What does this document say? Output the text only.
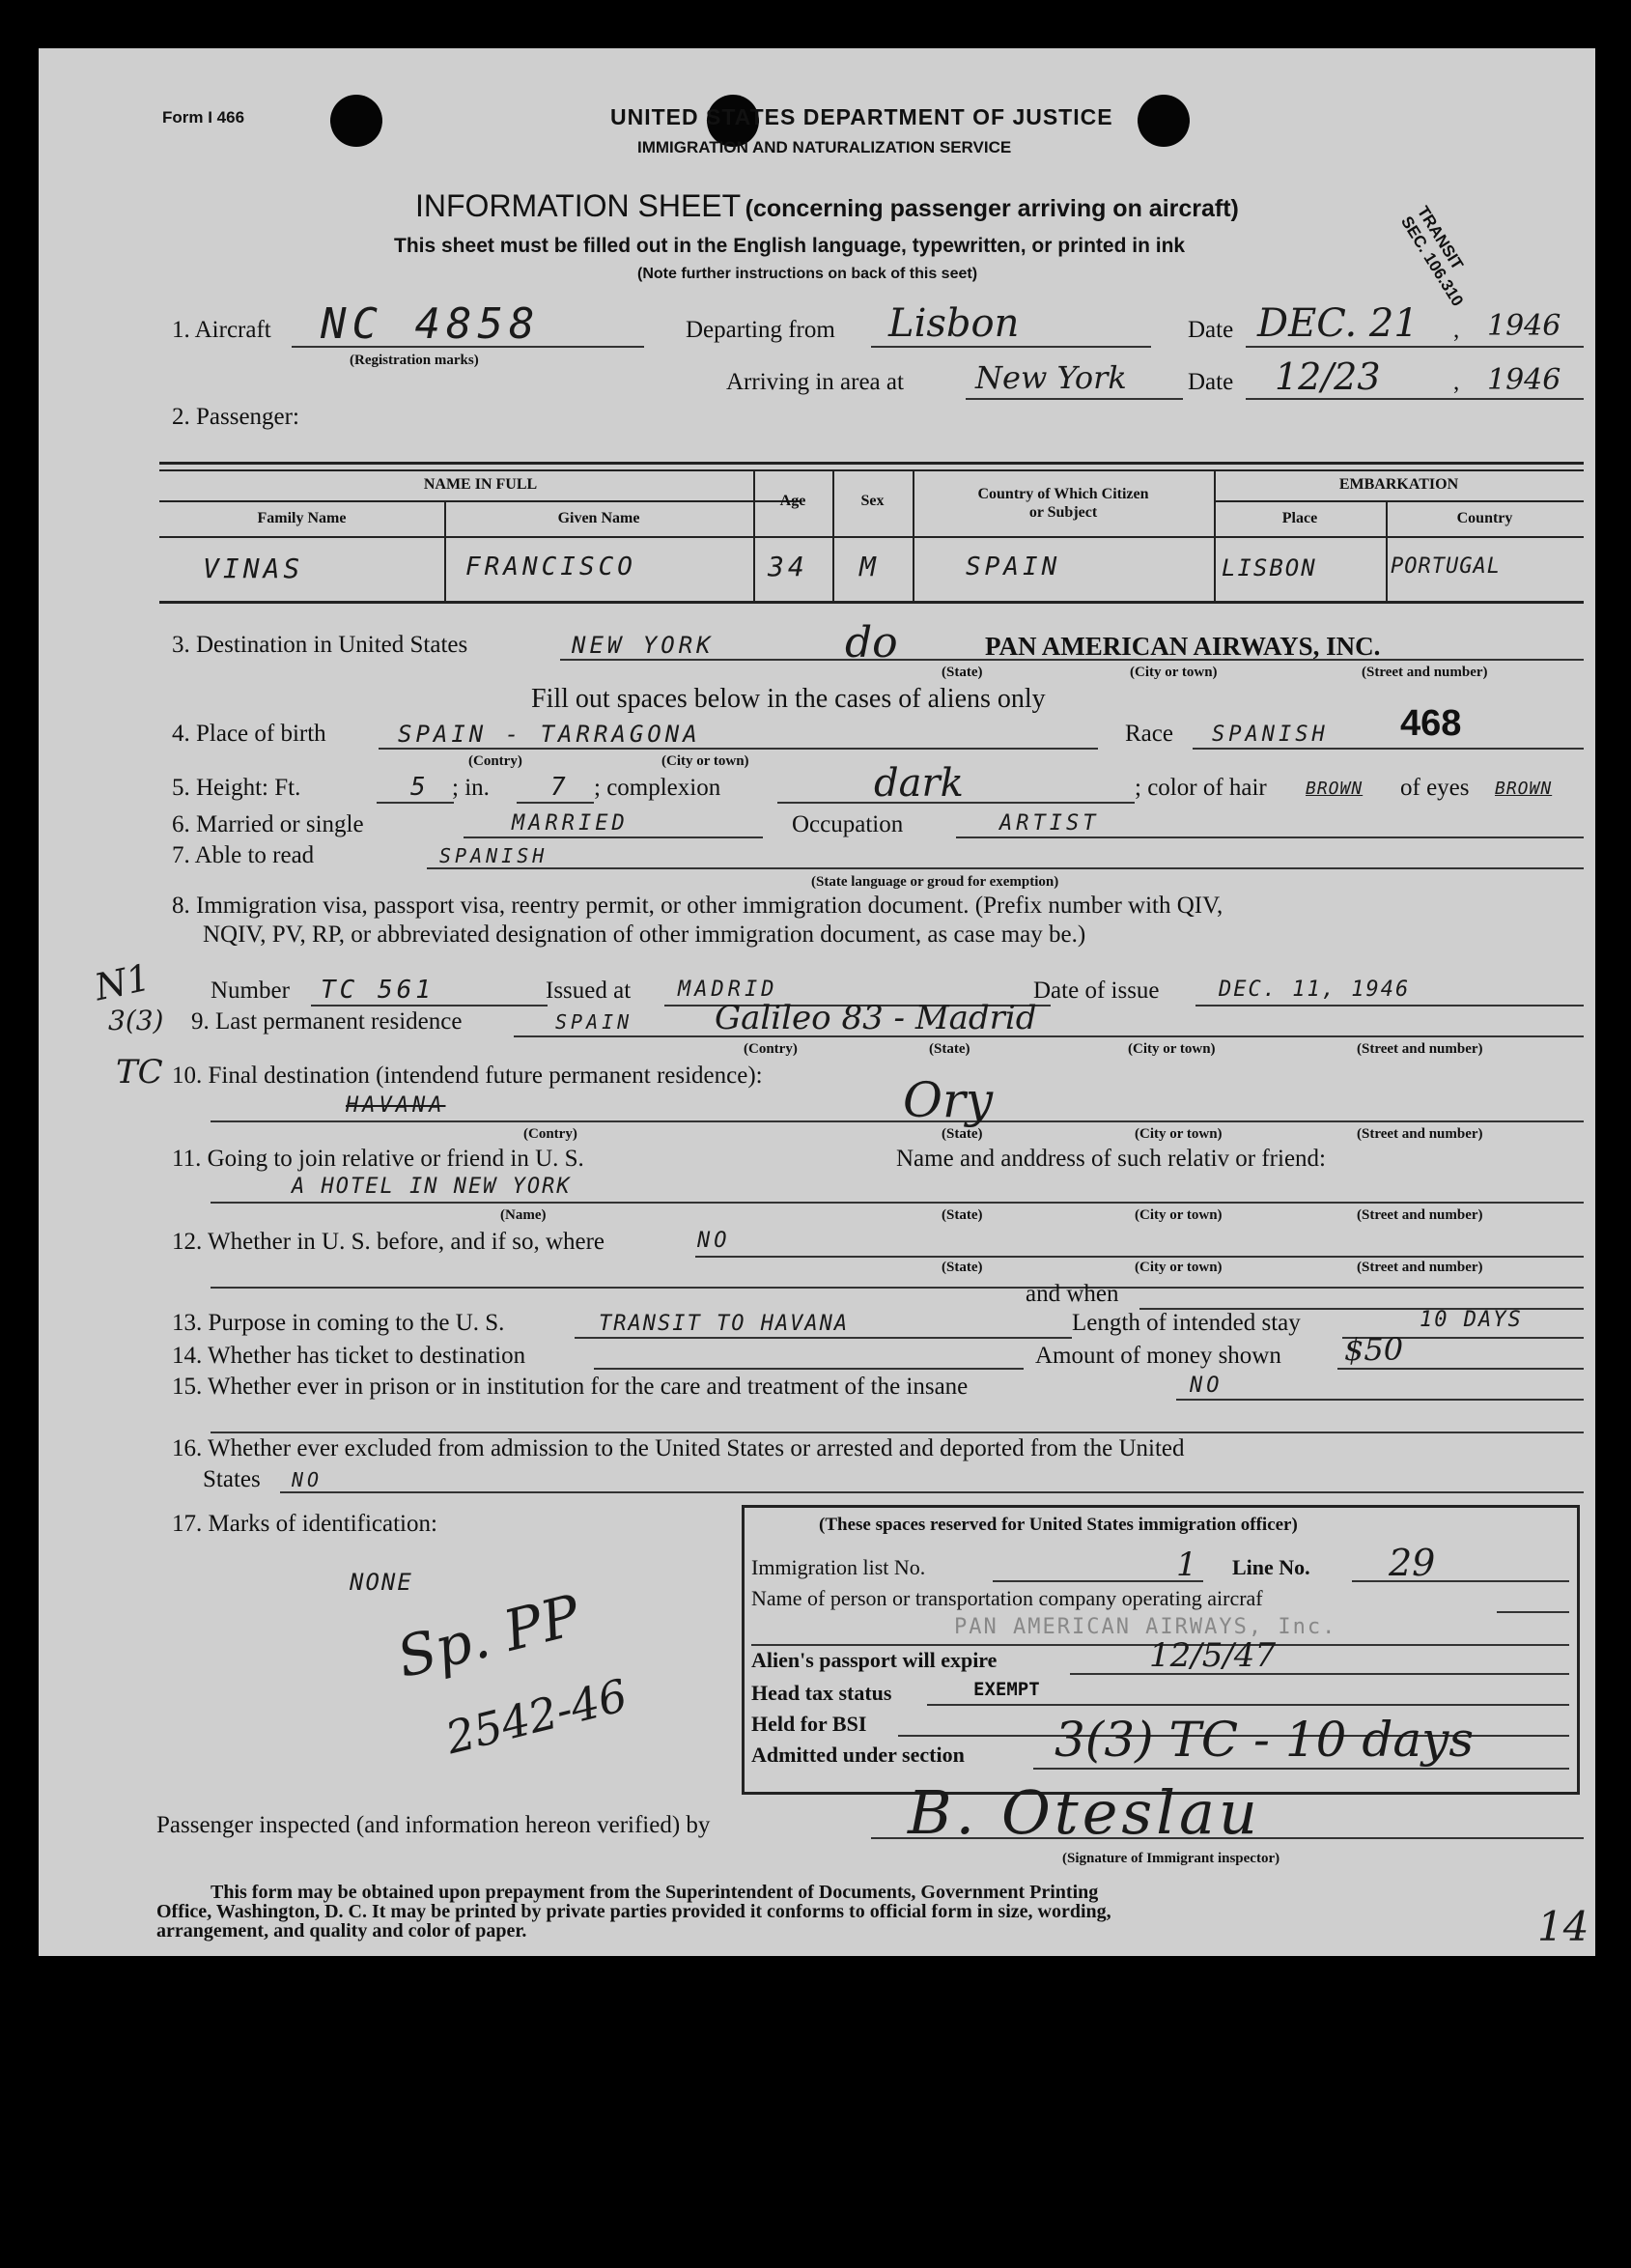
Form I 466	UNITED STATES DEPARTMENT OF JUSTICE
IMMIGRATION AND NATURALIZATION SERVICE
INFORMATION SHEET (concerning passenger arriving on aircraft)
This sheet must be filled out in the English language, typewritten, or printed in ink
(Note further instructions on back of this seet)
TRANSIT SEC. 106.310
1. Aircraft NC 4858
(Registration marks)
Departing from Lisbon	Date DEC. 21 , 1946
Arriving in area at New York	Date 12/23	, 1946
2. Passenger:
NAME IN FULL
Family Name	Given Name
Age	Sex	Country of Which Citizen
or Subject
EMBARKATION
Place	Country
VINAS	FRANCISCO	34 M	SPAIN	LISBON	PORTUGAL
3. Destination in United States	NEW YORK	do	PAN AMERICAN AIRWAYS, INC.
(State)	(City or town)	(Street and number)
Fill out spaces below in the cases of aliens only
4. Place of birth	SPAIN - TARRAGONA
(Contry)	(City or town)
Race SPANISH 468
5. Height: Ft.	5 ; in. 7 ; complexion	dark	; color of hair BROWN of eyes BROWN
6. Married or single	MARRIED	Occupation	ARTIST
7. Able to read	SPANISH
(State language or groud for exemption)
8. Immigration visa, passport visa, reentry permit, or other immigration document. (Prefix number with QIV,
NQIV, PV, RP, or abbreviated designation of other immigration document, as case may be.)
Number TC 561	Issued at MADRID	Date of issue	DEC. 11, 1946
N1
3(3)
TC
9. Last permanent residence	SPAIN Galileo 83 - Madrid
(Contry)	(State)	(City or town)	(Street and number)
10. Final destination (intendend future permanent residence):
HAVANA	Ory
(Contry)	(State)	(City or town)	(Street and number)
11. Going to join relative or friend in U. S.	Name and anddress of such relativ or friend:
A HOTEL IN NEW YORK
(Name)	(State)	(City or town)	(Street and number)
12. Whether in U. S. before, and if so, where	NO
(State)	(City or town)	(Street and number)
and when
13. Purpose in coming to the U. S.	TRANSIT TO HAVANA	Length of intended stay	10 DAYS
14. Whether has ticket to destination	Amount of money shown $50
15. Whether ever in prison or in institution for the care and treatment of the insane	NO
16. Whether ever excluded from admission to the United States or arrested and deported from the United
States NO
17. Marks of identification:
NONE
Sp. PP
2542-46
(These spaces reserved for United States immigration officer)
Immigration list No.	1 Line No. 29
Name of person or transportation company operating aircraf
PAN AMERICAN AIRWAYS, Inc.
Alien's passport will expire	12/5/47
Head tax status	EXEMPT
Held for BSI
Admitted under section 3(3) TC - 10 days
Passenger inspected (and information hereon verified) by	B. Oteslau
(Signature of Immigrant inspector)
This form may be obtained upon prepayment from the Superintendent of Documents, Government Printing
Office, Washington, D. C. It may be printed by private parties provided it conforms to official form in size, wording,
arrangement, and quality and color of paper.	14
